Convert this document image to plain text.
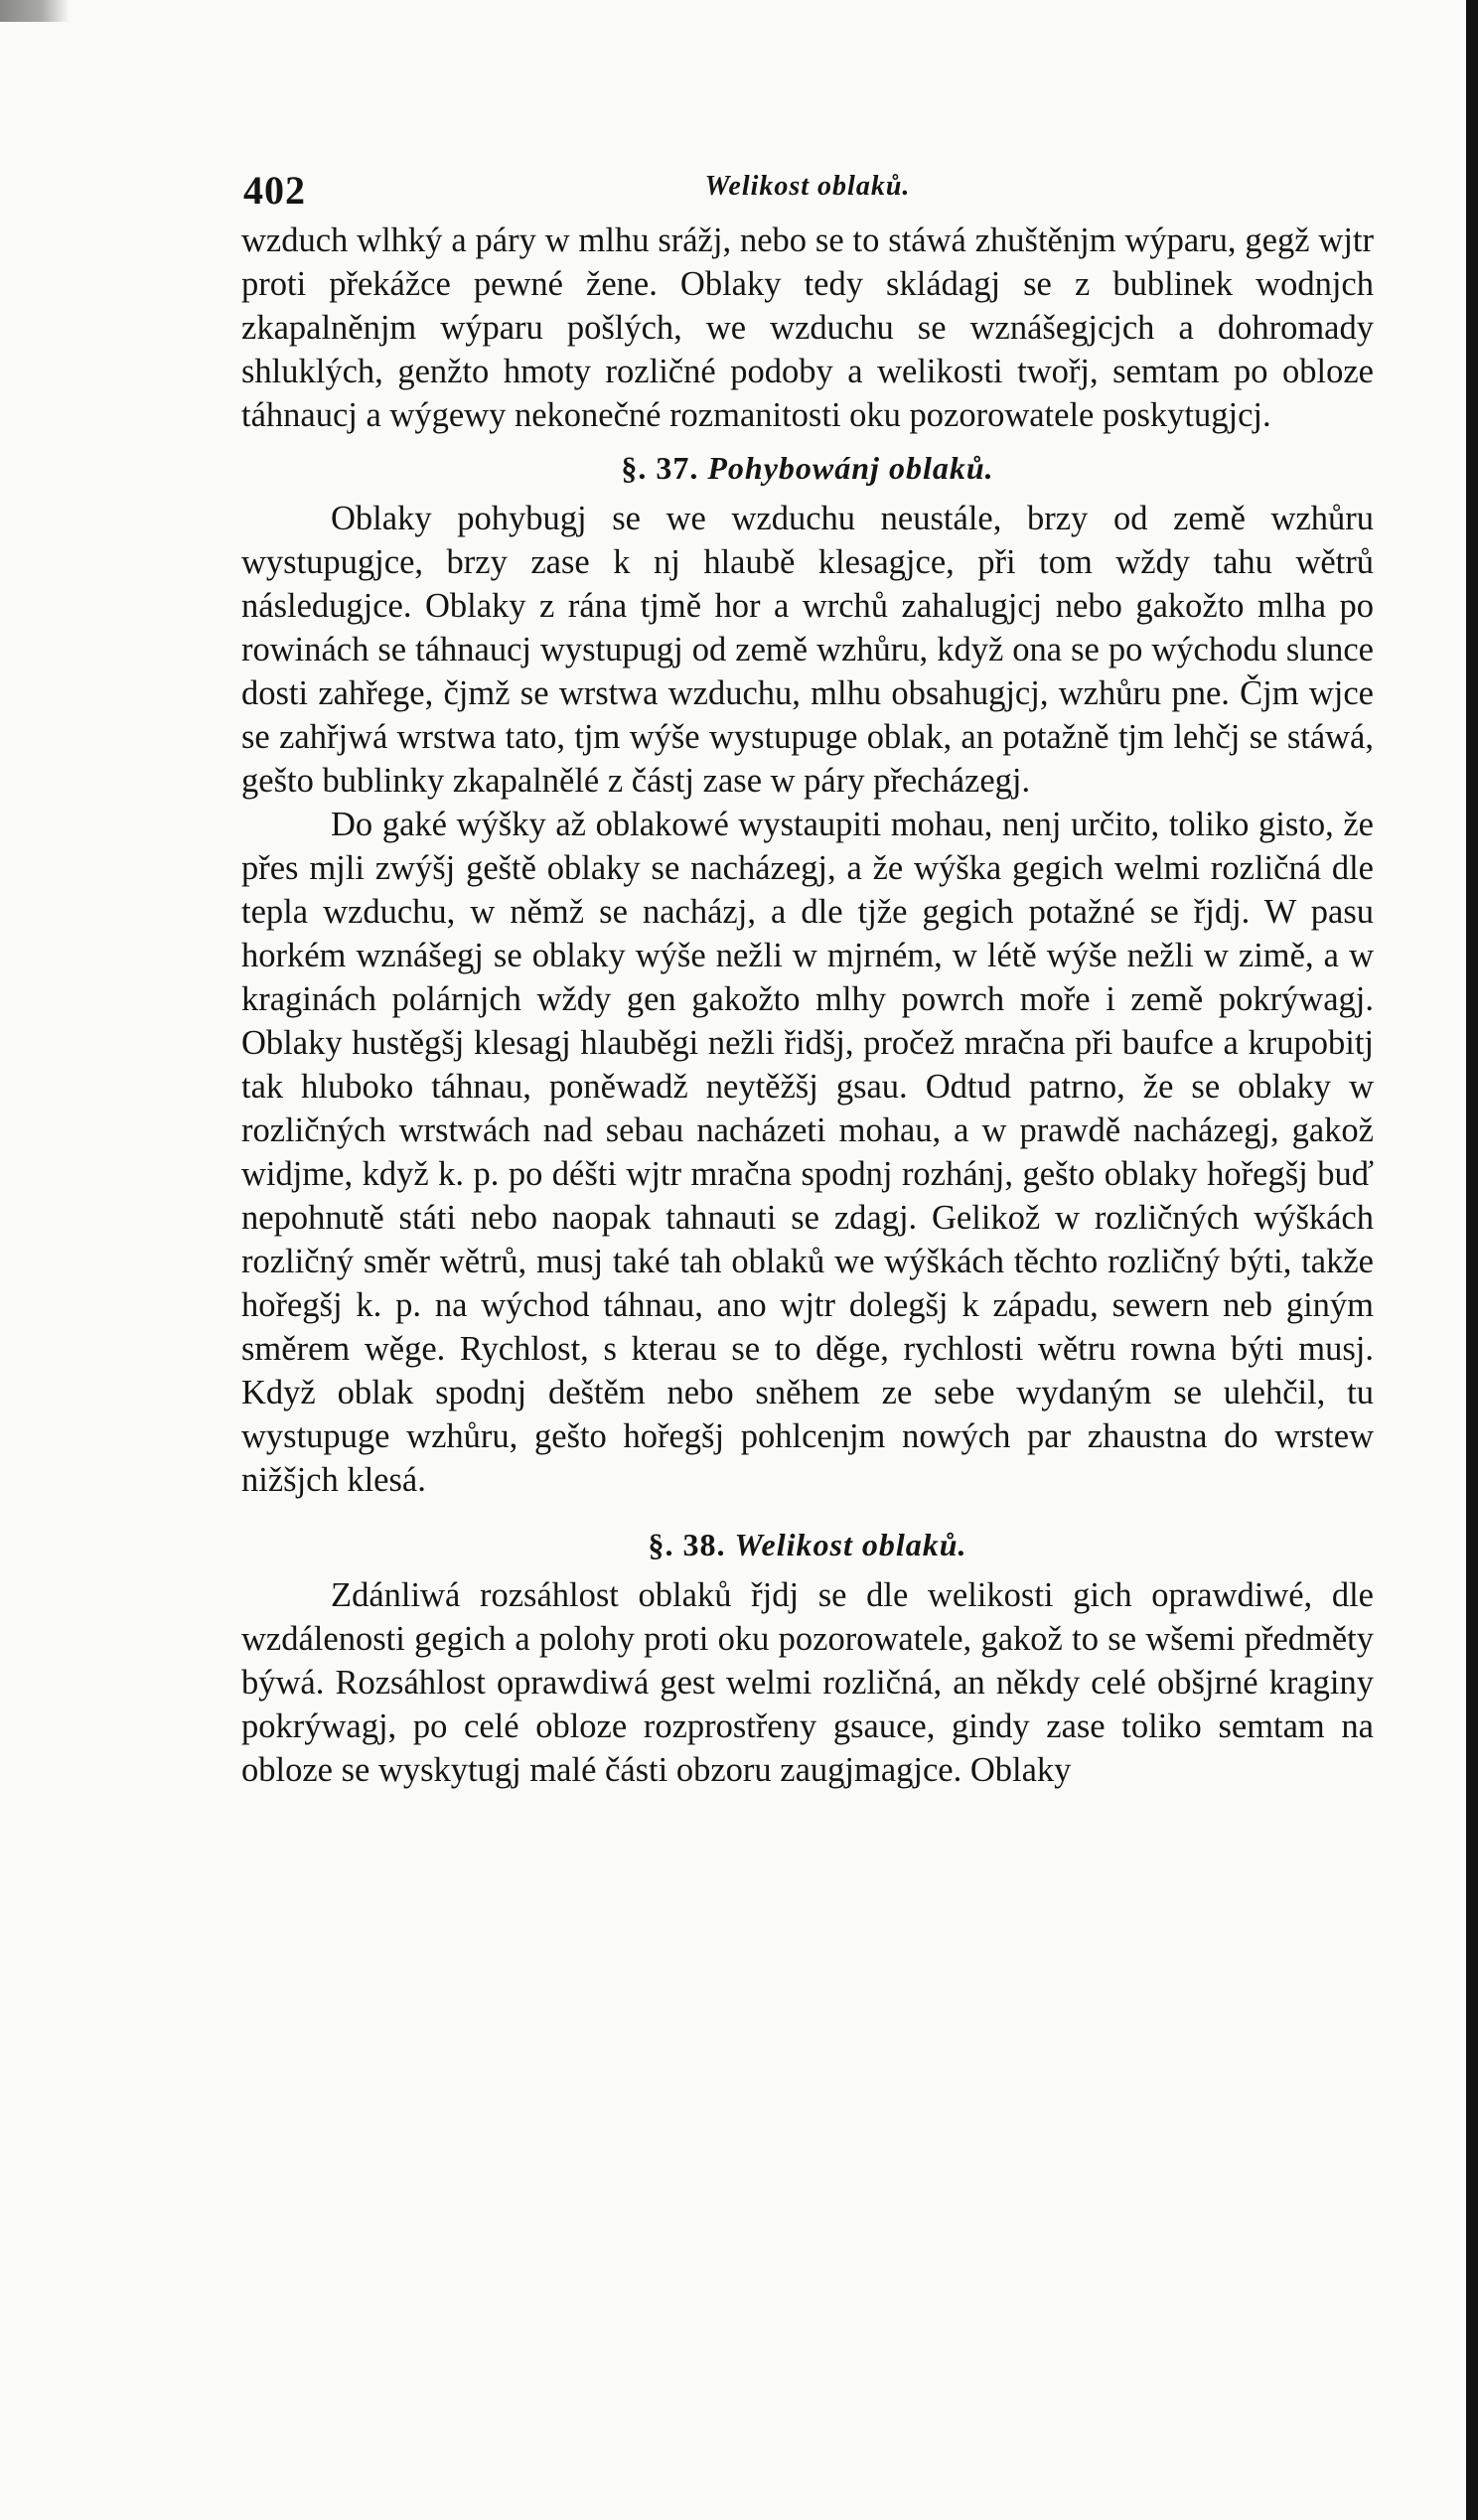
402	Welikost oblaků.

wzduch wlhký a páry w mlhu srážj, nebo se to stáwá zhuštěnjm wýparu, gegž wjtr proti překážce pewné žene. Oblaky tedy skládagj se z bublinek wodnjch zkapalněnjm wýparu pošlých, we wzduchu se wznášegjcjch a dohromady shluklých, genžto hmoty rozličné podoby a welikosti twořj, semtam po obloze táhnaucj a wýgewy nekonečné rozmanitosti oku pozorowatele poskytugjcj.

§. 37. Pohybowánj oblaků.

Oblaky pohybugj se we wzduchu neustále, brzy od země wzhůru wystupugjce, brzy zase k nj hlaubě klesagjce, při tom wždy tahu wětrů následugjce. Oblaky z rána tjmě hor a wrchů zahalugjcj nebo gakožto mlha po rowinách se táhnaucj wystupugj od země wzhůru, když ona se po wýchodu slunce dosti zahřege, čjmž se wrstwa wzduchu, mlhu obsahugjcj, wzhůru pne. Čjm wjce se zahřjwá wrstwa tato, tjm wýše wystupuge oblak, an potažně tjm lehčj se stáwá, gešto bublinky zkapalnělé z částj zase w páry přecházegj.

Do gaké wýšky až oblakowé wystaupiti mohau, nenj určito, toliko gisto, že přes mjli zwýšj geště oblaky se nacházegj, a že wýška gegich welmi rozličná dle tepla wzduchu, w němž se nacházj, a dle tjže gegich potažné se řjdj. W pasu horkém wznášegj se oblaky wýše nežli w mjrném, w létě wýše nežli w zimě, a w kraginách polárnjch wždy gen gakožto mlhy powrch moře i země pokrýwagj. Oblaky hustěgšj klesagj hlauběgi nežli řidšj, pročež mračna při baufce a krupobitj tak hluboko táhnau, poněwadž neytěžšj gsau. Odtud patrno, že se oblaky w rozličných wrstwách nad sebau nacházeti mohau, a w prawdě nacházegj, gakož widjme, když k. p. po déšti wjtr mračna spodnj rozhánj, gešto oblaky hořegšj buď nepohnutě státi nebo naopak tahnauti se zdagj. Gelikož w rozličných wýškách rozličný směr wětrů, musj také tah oblaků we wýškách těchto rozličný býti, takže hořegšj k. p. na wýchod táhnau, ano wjtr dolegšj k západu, sewern neb giným směrem wěge. Rychlost, s kterau se to děge, rychlosti wětru rowna býti musj. Když oblak spodnj deštěm nebo sněhem ze sebe wydaným se ulehčil, tu wystupuge wzhůru, gešto hořegšj pohlcenjm nowých par zhaustna do wrstew nižšjch klesá.

§. 38. Welikost oblaků.

Zdánliwá rozsáhlost oblaků řjdj se dle welikosti gich oprawdiwé, dle wzdálenosti gegich a polohy proti oku pozorowatele, gakož to se wšemi předměty býwá. Rozsáhlost oprawdiwá gest welmi rozličná, an někdy celé obšjrné kraginy pokrýwagj, po celé obloze rozprostřeny gsauce, gindy zase toliko semtam na obloze se wyskytugj malé části obzoru zaugjmagjce. Oblaky
